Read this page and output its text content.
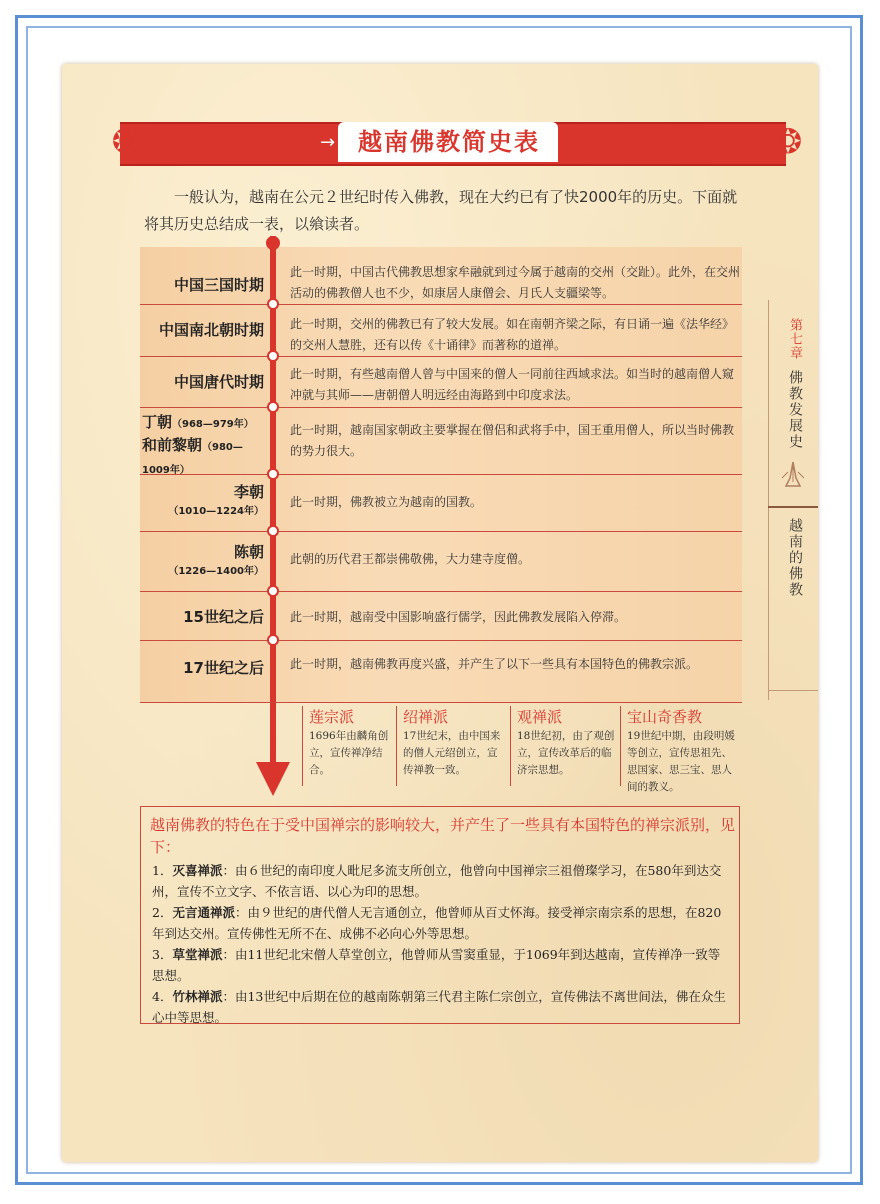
❂	❂
→ 越南佛教简史表
一般认为，越南在公元２世纪时传入佛教，现在大约已有了快2000年的历史。下面就将其历史总结成一表，以飨读者。
中国三国时期
此一时期，中国古代佛教思想家牟融就到过今属于越南的交州（交趾）。此外，在交州活动的佛教僧人也不少，如康居人康僧会、月氏人支疆梁等。
中国南北朝时期 此一时期，交州的佛教已有了较大发展。如在南朝齐梁之际，有日诵一遍《法华经》的交州人慧胜，还有以传《十诵律》而著称的道禅。
中国唐代时期 此一时期，有些越南僧人曾与中国来的僧人一同前往西域求法。如当时的越南僧人窥冲就与其师——唐朝僧人明远经由海路到中印度求法。
丁朝（968—979年）
和前黎朝（980—1009年）
此一时期，越南国家朝政主要掌握在僧侣和武将手中，国王重用僧人，所以当时佛教的势力很大。
李朝
（1010—1224年）
此一时期，佛教被立为越南的国教。
陈朝
（1226—1400年）
此朝的历代君王都崇佛敬佛，大力建寺度僧。
15世纪之后 此一时期，越南受中国影响盛行儒学，因此佛教发展陷入停滞。
17世纪之后 此一时期，越南佛教再度兴盛，并产生了以下一些具有本国特色的佛教宗派。
莲宗派
1696年由麟角创立，宣传禅净结合。
绍禅派
17世纪末，由中国来的僧人元绍创立，宣传禅教一致。
观禅派
18世纪初，由了观创立，宣传改革后的临济宗思想。
宝山奇香教
19世纪中期，由段明媛等创立，宣传思祖先、思国家、思三宝、思人间的教义。
越南佛教的特色在于受中国禅宗的影响较大，并产生了一些具有本国特色的禅宗派别，见下：

1．灭喜禅派：由６世纪的南印度人毗尼多流支所创立，他曾向中国禅宗三祖僧璨学习，在580年到达交州，宣传不立文字、不依言语、以心为印的思想。

2．无言通禅派：由９世纪的唐代僧人无言通创立，他曾师从百丈怀海。接受禅宗南宗系的思想，在820年到达交州。宣传佛性无所不在、成佛不必向心外等思想。

3．草堂禅派：由11世纪北宋僧人草堂创立，他曾师从雪窦重显，于1069年到达越南，宣传禅净一致等思想。

4．竹林禅派：由13世纪中后期在位的越南陈朝第三代君主陈仁宗创立，宣传佛法不离世间法，佛在众生心中等思想。

第七章
佛教发展史
越南的佛教
